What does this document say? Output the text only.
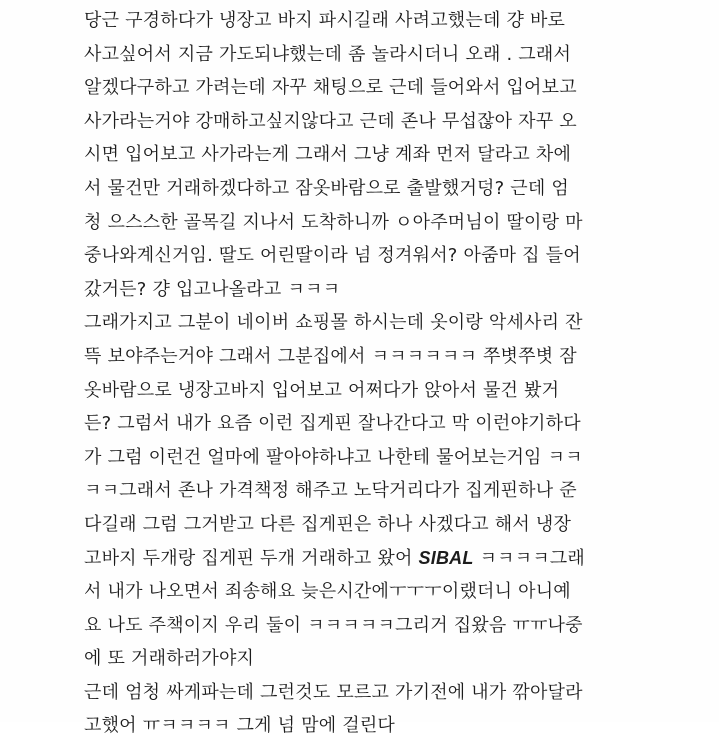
당근 구경하다가 냉장고 바지 파시길래 사려고했는데 걍 바로
사고싶어서 지금 가도되냐했는데 좀 놀라시더니 오래 . 그래서
알겠다구하고 가려는데 자꾸 채팅으로 근데 들어와서 입어보고
사가라는거야 강매하고싶지않다고 근데 존나 무섭잖아 자꾸 오
시면 입어보고 사가라는게 그래서 그냥 계좌 먼저 달라고 차에
서 물건만 거래하겠다하고 잠옷바람으로 출발했거덩? 근데 엄
청 으스스한 골목길 지나서 도착하니까 ㅇ아주머님이 딸이랑 마
중나와계신거임. 딸도 어린딸이라 넘 정겨워서? 아줌마 집 들어
갔거든? 걍 입고나올라고 ㅋㅋㅋ
그래가지고 그분이 네이버 쇼핑몰 하시는데 옷이랑 악세사리 잔
뜩 보야주는거야 그래서 그분집에서 ㅋㅋㅋㅋㅋㅋ 쭈볏쭈볏 잠
옷바람으로 냉장고바지 입어보고 어쩌다가 앉아서 물건 봤거
든? 그럼서 내가 요즘 이런 집게핀 잘나간다고 막 이런야기하다
가 그럼 이런건 얼마에 팔아야하냐고 나한테 물어보는거임 ㅋㅋ
ㅋㅋ그래서 존나 가격책정 해주고 노닥거리다가 집게핀하나 준
다길래 그럼 그거받고 다른 집게핀은 하나 사겠다고 해서 냉장
고바지 두개랑 집게핀 두개 거래하고 왔어 SIBAL ㅋㅋㅋㅋ그래
서 내가 나오면서 죄송해요 늦은시간에ㅜㅜㅜ이랬더니 아니예
요 나도 주책이지 우리 둘이 ㅋㅋㅋㅋㅋ그리거 집왔음 ㅠㅠ나중
에 또 거래하러가야지
근데 엄청 싸게파는데 그런것도 모르고 가기전에 내가 깎아달라
고했어 ㅠㅋㅋㅋㅋ 그게 넘 맘에 걸린다
